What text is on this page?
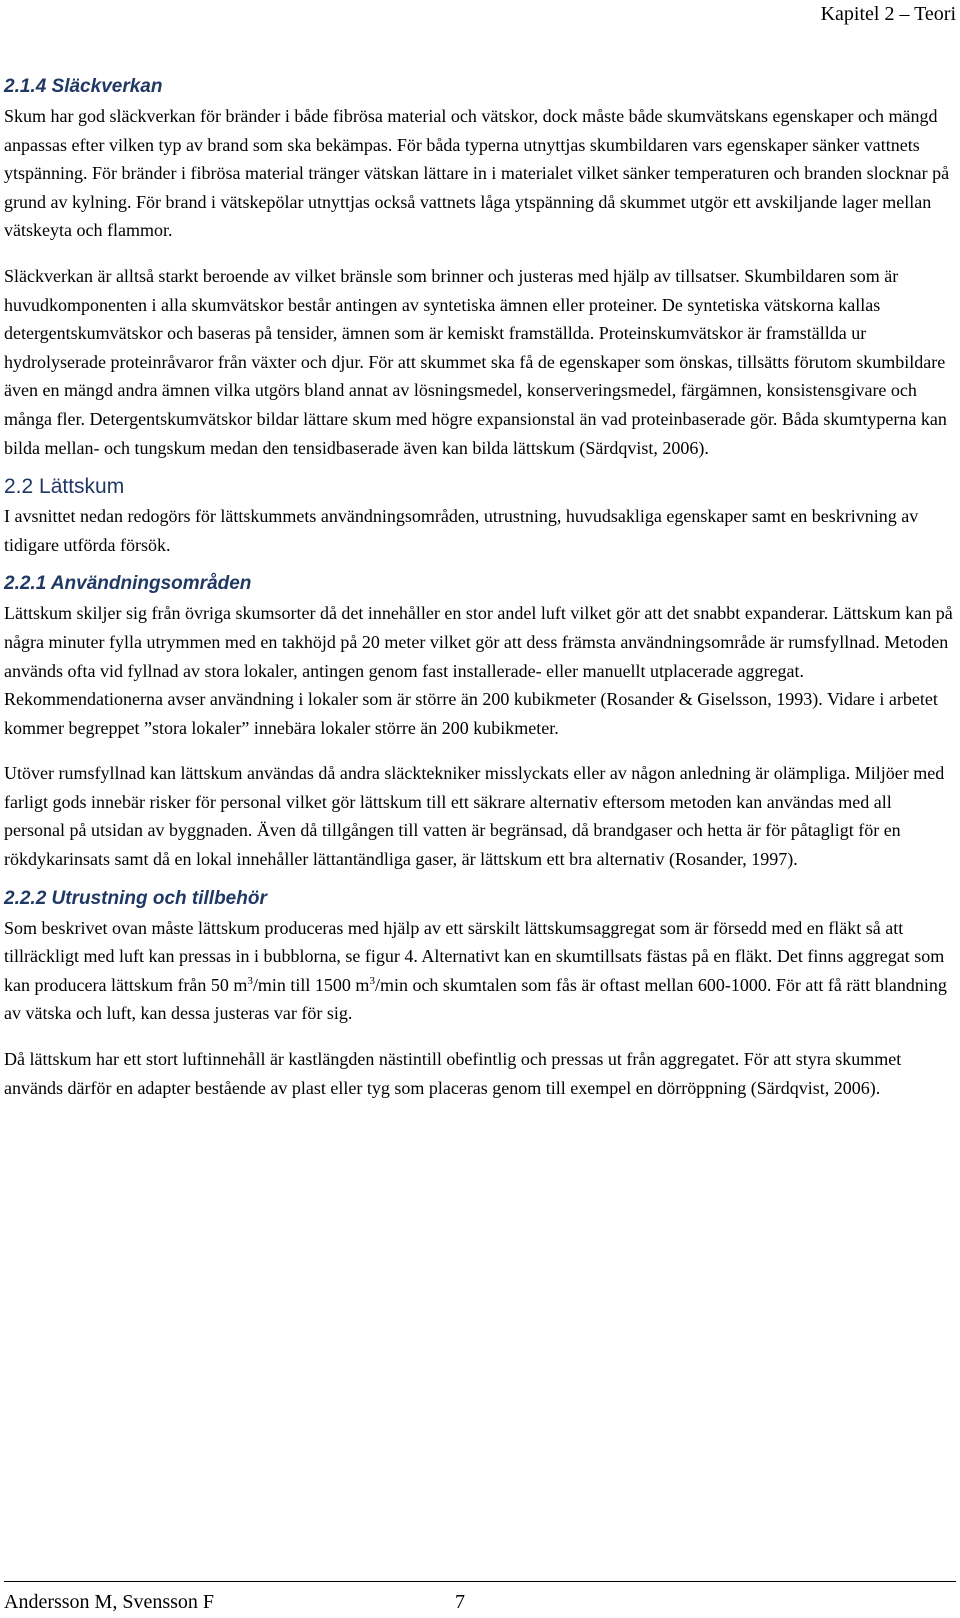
Kapitel 2 – Teori
2.1.4 Släckverkan

Skum har god släckverkan för bränder i både fibrösa material och vätskor, dock måste både skumvätskans egenskaper och mängd anpassas efter vilken typ av brand som ska bekämpas. För båda typerna utnyttjas skumbildaren vars egenskaper sänker vattnets ytspänning. För bränder i fibrösa material tränger vätskan lättare in i materialet vilket sänker temperaturen och branden slocknar på grund av kylning. För brand i vätskepölar utnyttjas också vattnets låga ytspänning då skummet utgör ett avskiljande lager mellan vätskeyta och flammor.

Släckverkan är alltså starkt beroende av vilket bränsle som brinner och justeras med hjälp av tillsatser. Skumbildaren som är huvudkomponenten i alla skumvätskor består antingen av syntetiska ämnen eller proteiner. De syntetiska vätskorna kallas detergentskumvätskor och baseras på tensider, ämnen som är kemiskt framställda. Proteinskumvätskor är framställda ur hydrolyserade proteinråvaror från växter och djur. För att skummet ska få de egenskaper som önskas, tillsätts förutom skumbildare även en mängd andra ämnen vilka utgörs bland annat av lösningsmedel, konserveringsmedel, färgämnen, konsistensgivare och många fler. Detergentskumvätskor bildar lättare skum med högre expansionstal än vad proteinbaserade gör. Båda skumtyperna kan bilda mellan- och tungskum medan den tensidbaserade även kan bilda lättskum (Särdqvist, 2006).

2.2 Lättskum

I avsnittet nedan redogörs för lättskummets användningsområden, utrustning, huvudsakliga egenskaper samt en beskrivning av tidigare utförda försök.

2.2.1 Användningsområden

Lättskum skiljer sig från övriga skumsorter då det innehåller en stor andel luft vilket gör att det snabbt expanderar. Lättskum kan på några minuter fylla utrymmen med en takhöjd på 20 meter vilket gör att dess främsta användningsområde är rumsfyllnad. Metoden används ofta vid fyllnad av stora lokaler, antingen genom fast installerade- eller manuellt utplacerade aggregat. Rekommendationerna avser användning i lokaler som är större än 200 kubikmeter (Rosander & Giselsson, 1993). Vidare i arbetet kommer begreppet ”stora lokaler” innebära lokaler större än 200 kubikmeter.

Utöver rumsfyllnad kan lättskum användas då andra släcktekniker misslyckats eller av någon anledning är olämpliga. Miljöer med farligt gods innebär risker för personal vilket gör lättskum till ett säkrare alternativ eftersom metoden kan användas med all personal på utsidan av byggnaden. Även då tillgången till vatten är begränsad, då brandgaser och hetta är för påtagligt för en rökdykarinsats samt då en lokal innehåller lättantändliga gaser, är lättskum ett bra alternativ (Rosander, 1997).

2.2.2 Utrustning och tillbehör

Som beskrivet ovan måste lättskum produceras med hjälp av ett särskilt lättskumsaggregat som är försedd med en fläkt så att tillräckligt med luft kan pressas in i bubblorna, se figur 4. Alternativt kan en skumtillsats fästas på en fläkt. Det finns aggregat som kan producera lättskum från 50 $m^3/\min$ till 1500 $m^3/\min$ och skumtalen som fås är oftast mellan 600-1000. För att få rätt blandning av vätska och luft, kan dessa justeras var för sig.

Då lättskum har ett stort luftinnehåll är kastlängden nästintill obefintlig och pressas ut från aggregatet. För att styra skummet används därför en adapter bestående av plast eller tyg som placeras genom till exempel en dörröppning (Särdqvist, 2006).

Andersson M, Svensson F	7
